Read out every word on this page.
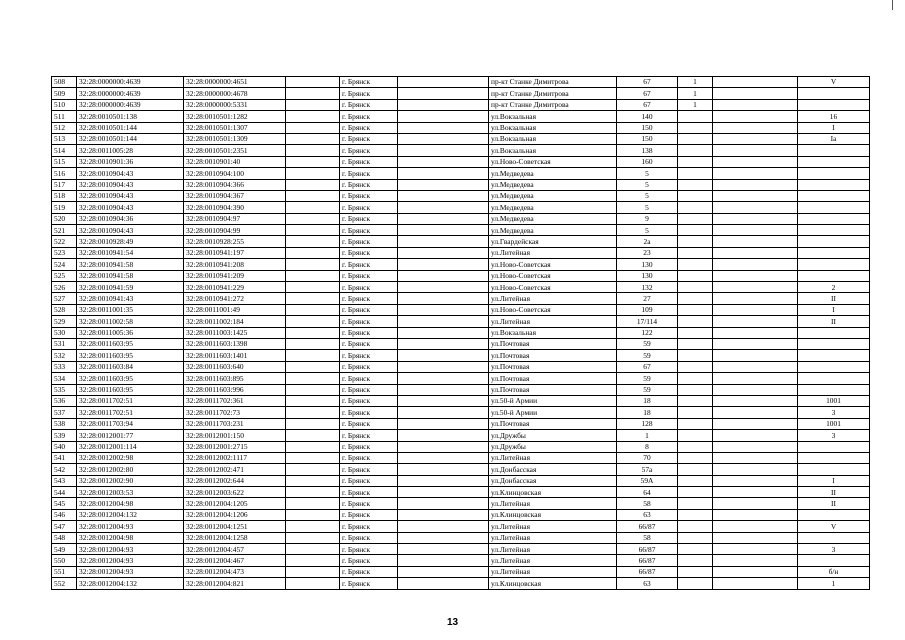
508	32:28:0000000:4639	32:28:0000000:4651		г. Брянск		пр-кт Станке Димитрова	67	1		V
509	32:28:0000000:4639	32:28:0000000:4678		г. Брянск		пр-кт Станке Димитрова	67	1		
510	32:28:0000000:4639	32:28:0000000:5331		г. Брянск		пр-кт Станке Димитрова	67	1		
511	32:28:0010501:138	32:28:0010501:1282		г. Брянск		ул.Вокзальная	140			16
512	32:28:0010501:144	32:28:0010501:1307		г. Брянск		ул.Вокзальная	150			I
513	32:28:0010501:144	32:28:0010501:1309		г. Брянск		ул.Вокзальная	150			Ia
514	32:28:0011005:28	32:28:0010501:2351		г. Брянск		ул.Вокзальная	138			
515	32:28:0010901:36	32:28:0010901:40		г. Брянск		ул.Ново-Советская	160			
516	32:28:0010904:43	32:28:0010904:100		г. Брянск		ул.Медведева	5			
517	32:28:0010904:43	32:28:0010904:366		г. Брянск		ул.Медведева	5			
518	32:28:0010904:43	32:28:0010904:367		г. Брянск		ул.Медведева	5			
519	32:28:0010904:43	32:28:0010904:390		г. Брянск		ул.Медведева	5			
520	32:28:0010904:36	32:28:0010904:97		г. Брянск		ул.Медведева	9			
521	32:28:0010904:43	32:28:0010904:99		г. Брянск		ул.Медведева	5			
522	32:28:0010928:49	32:28:0010928:255		г. Брянск		ул.Гвардейская	2а			
523	32:28:0010941:54	32:28:0010941:197		г. Брянск		ул.Литейная	23			
524	32:28:0010941:58	32:28:0010941:208		г. Брянск		ул.Ново-Советская	130			
525	32:28:0010941:58	32:28:0010941:209		г. Брянск		ул.Ново-Советская	130			
526	32:28:0010941:59	32:28:0010941:229		г. Брянск		ул.Ново-Советская	132			2
527	32:28:0010941:43	32:28:0010941:272		г. Брянск		ул.Литейная	27			II
528	32:28:0011001:35	32:28:0011001:49		г. Брянск		ул.Ново-Советская	109			I
529	32:28:0011002:58	32:28:0011002:184		г. Брянск		ул.Литейная	17/114			II
530	32:28:0011005:36	32:28:0011003:1425		г. Брянск		ул.Вокзальная	122			
531	32:28:0011603:95	32:28:0011603:1398		г. Брянск		ул.Почтовая	59			
532	32:28:0011603:95	32:28:0011603:1401		г. Брянск		ул.Почтовая	59			
533	32:28:0011603:84	32:28:0011603:640		г. Брянск		ул.Почтовая	67			
534	32:28:0011603:95	32:28:0011603:895		г. Брянск		ул.Почтовая	59			
535	32:28:0011603:95	32:28:0011603:996		г. Брянск		ул.Почтовая	59			
536	32:28:0011702:51	32:28:0011702:361		г. Брянск		ул.50-й Армии	18			1001
537	32:28:0011702:51	32:28:0011702:73		г. Брянск		ул.50-й Армии	18			3
538	32:28:0011703:94	32:28:0011703:231		г. Брянск		ул.Почтовая	128			1001
539	32:28:0012001:77	32:28:0012001:150		г. Брянск		ул.Дружбы	1			3
540	32:28:0012001:114	32:28:0012001:2715		г. Брянск		ул.Дружбы	8			
541	32:28:0012002:98	32:28:0012002:1117		г. Брянск		ул.Литейная	70			
542	32:28:0012002:80	32:28:0012002:471		г. Брянск		ул.Донбасская	57а			
543	32:28:0012002:90	32:28:0012002:644		г. Брянск		ул.Донбасская	59А			I
544	32:28:0012003:53	32:28:0012003:622		г. Брянск		ул.Клинцовская	64			II
545	32:28:0012004:98	32:28:0012004:1205		г. Брянск		ул.Литейная	58			II
546	32:28:0012004:132	32:28:0012004:1206		г. Брянск		ул.Клинцовская	63			
547	32:28:0012004:93	32:28:0012004:1251		г. Брянск		ул.Литейная	66/87			V
548	32:28:0012004:98	32:28:0012004:1258		г. Брянск		ул.Литейная	58			
549	32:28:0012004:93	32:28:0012004:457		г. Брянск		ул.Литейная	66/87			3
550	32:28:0012004:93	32:28:0012004:467		г. Брянск		ул.Литейная	66/87			
551	32:28:0012004:93	32:28:0012004:473		г. Брянск		ул.Литейная	66/87			б/н
552	32:28:0012004:132	32:28:0012004:821		г. Брянск		ул.Клинцовская	63			1
13
